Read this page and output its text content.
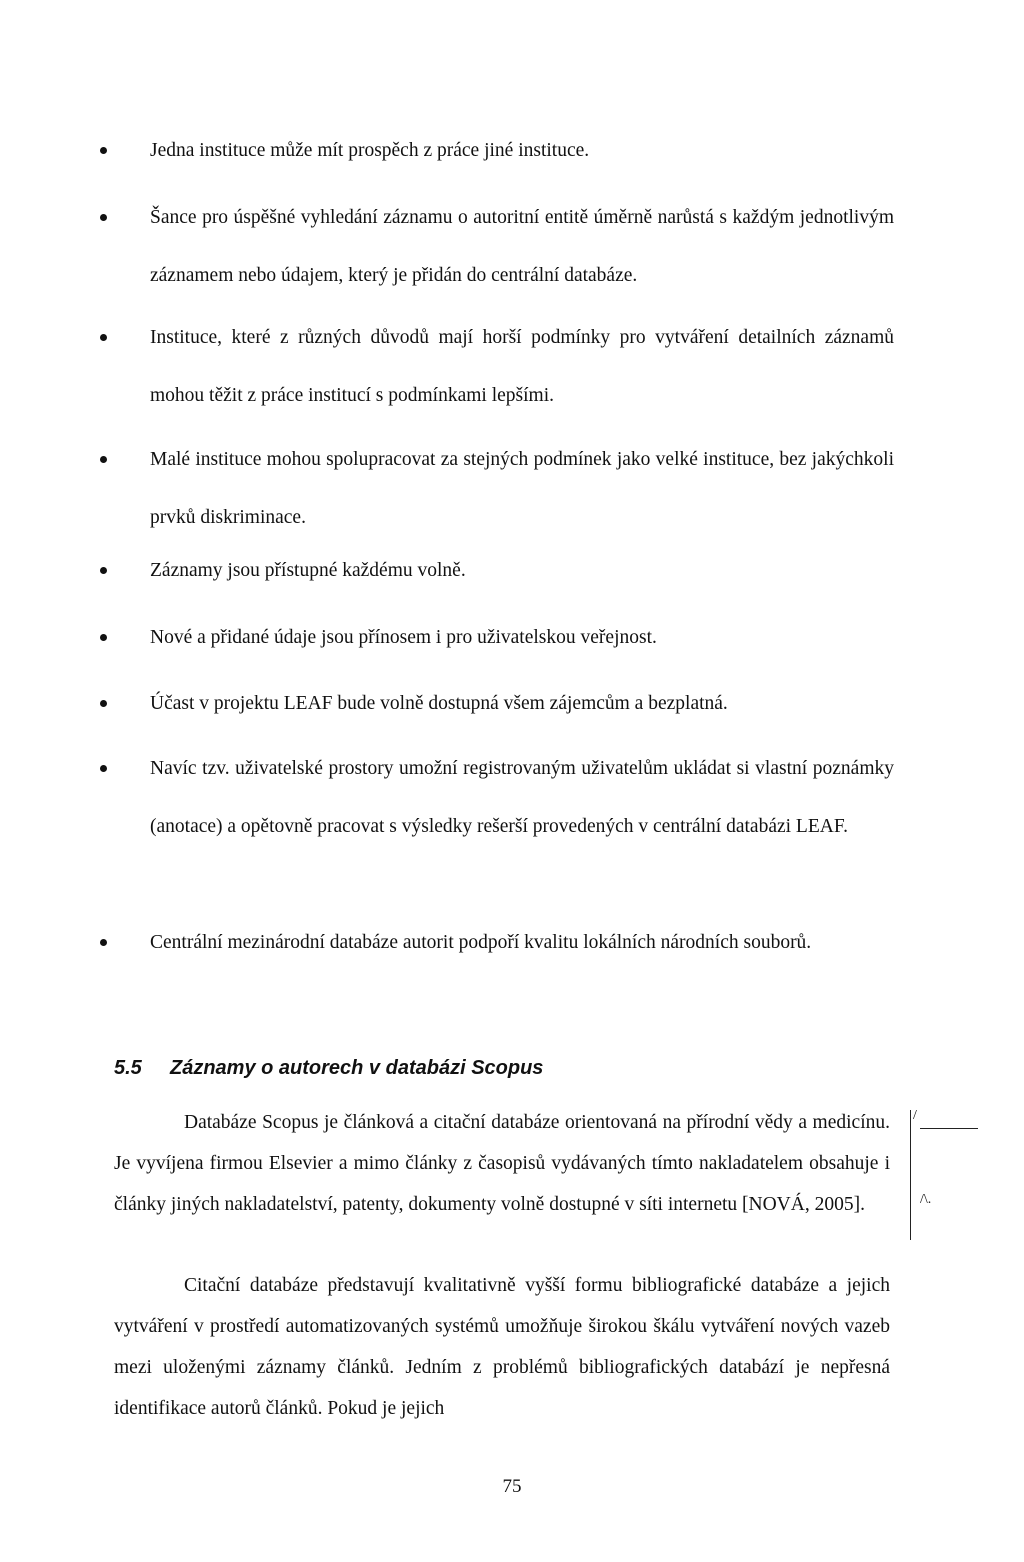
Jedna instituce může mít prospěch z práce jiné instituce.
Šance pro úspěšné vyhledání záznamu o autoritní entitě úměrně narůstá s každým jednotlivým záznamem nebo údajem, který je přidán do centrální databáze.
Instituce, které z různých důvodů mají horší podmínky pro vytváření detailních záznamů mohou těžit z práce institucí s podmínkami lepšími.
Malé instituce mohou spolupracovat za stejných podmínek jako velké instituce, bez jakýchkoli prvků diskriminace.
Záznamy jsou přístupné každému volně.
Nové a přidané údaje jsou přínosem i pro uživatelskou veřejnost.
Účast v projektu LEAF bude volně dostupná všem zájemcům a bezplatná.
Navíc tzv. uživatelské prostory umožní registrovaným uživatelům ukládat si vlastní poznámky (anotace) a opětovně pracovat s výsledky rešerší provedených v centrální databázi LEAF.
Centrální mezinárodní databáze autorit podpoří kvalitu lokálních národních souborů.
5.5 Záznamy o autorech v databázi Scopus
Databáze Scopus je článková a citační databáze orientovaná na přírodní vědy a medicínu. Je vyvíjena firmou Elsevier a mimo články z časopisů vydávaných tímto nakladatelem obsahuje i články jiných nakladatelství, patenty, dokumenty volně dostupné v síti internetu [NOVÁ, 2005].
Citační databáze představují kvalitativně vyšší formu bibliografické databáze a jejich vytváření v prostředí automatizovaných systémů umožňuje širokou škálu vytváření nových vazeb mezi uloženými záznamy článků. Jedním z problémů bibliografických databází je nepřesná identifikace autorů článků. Pokud je jejich
/
/\.
75
